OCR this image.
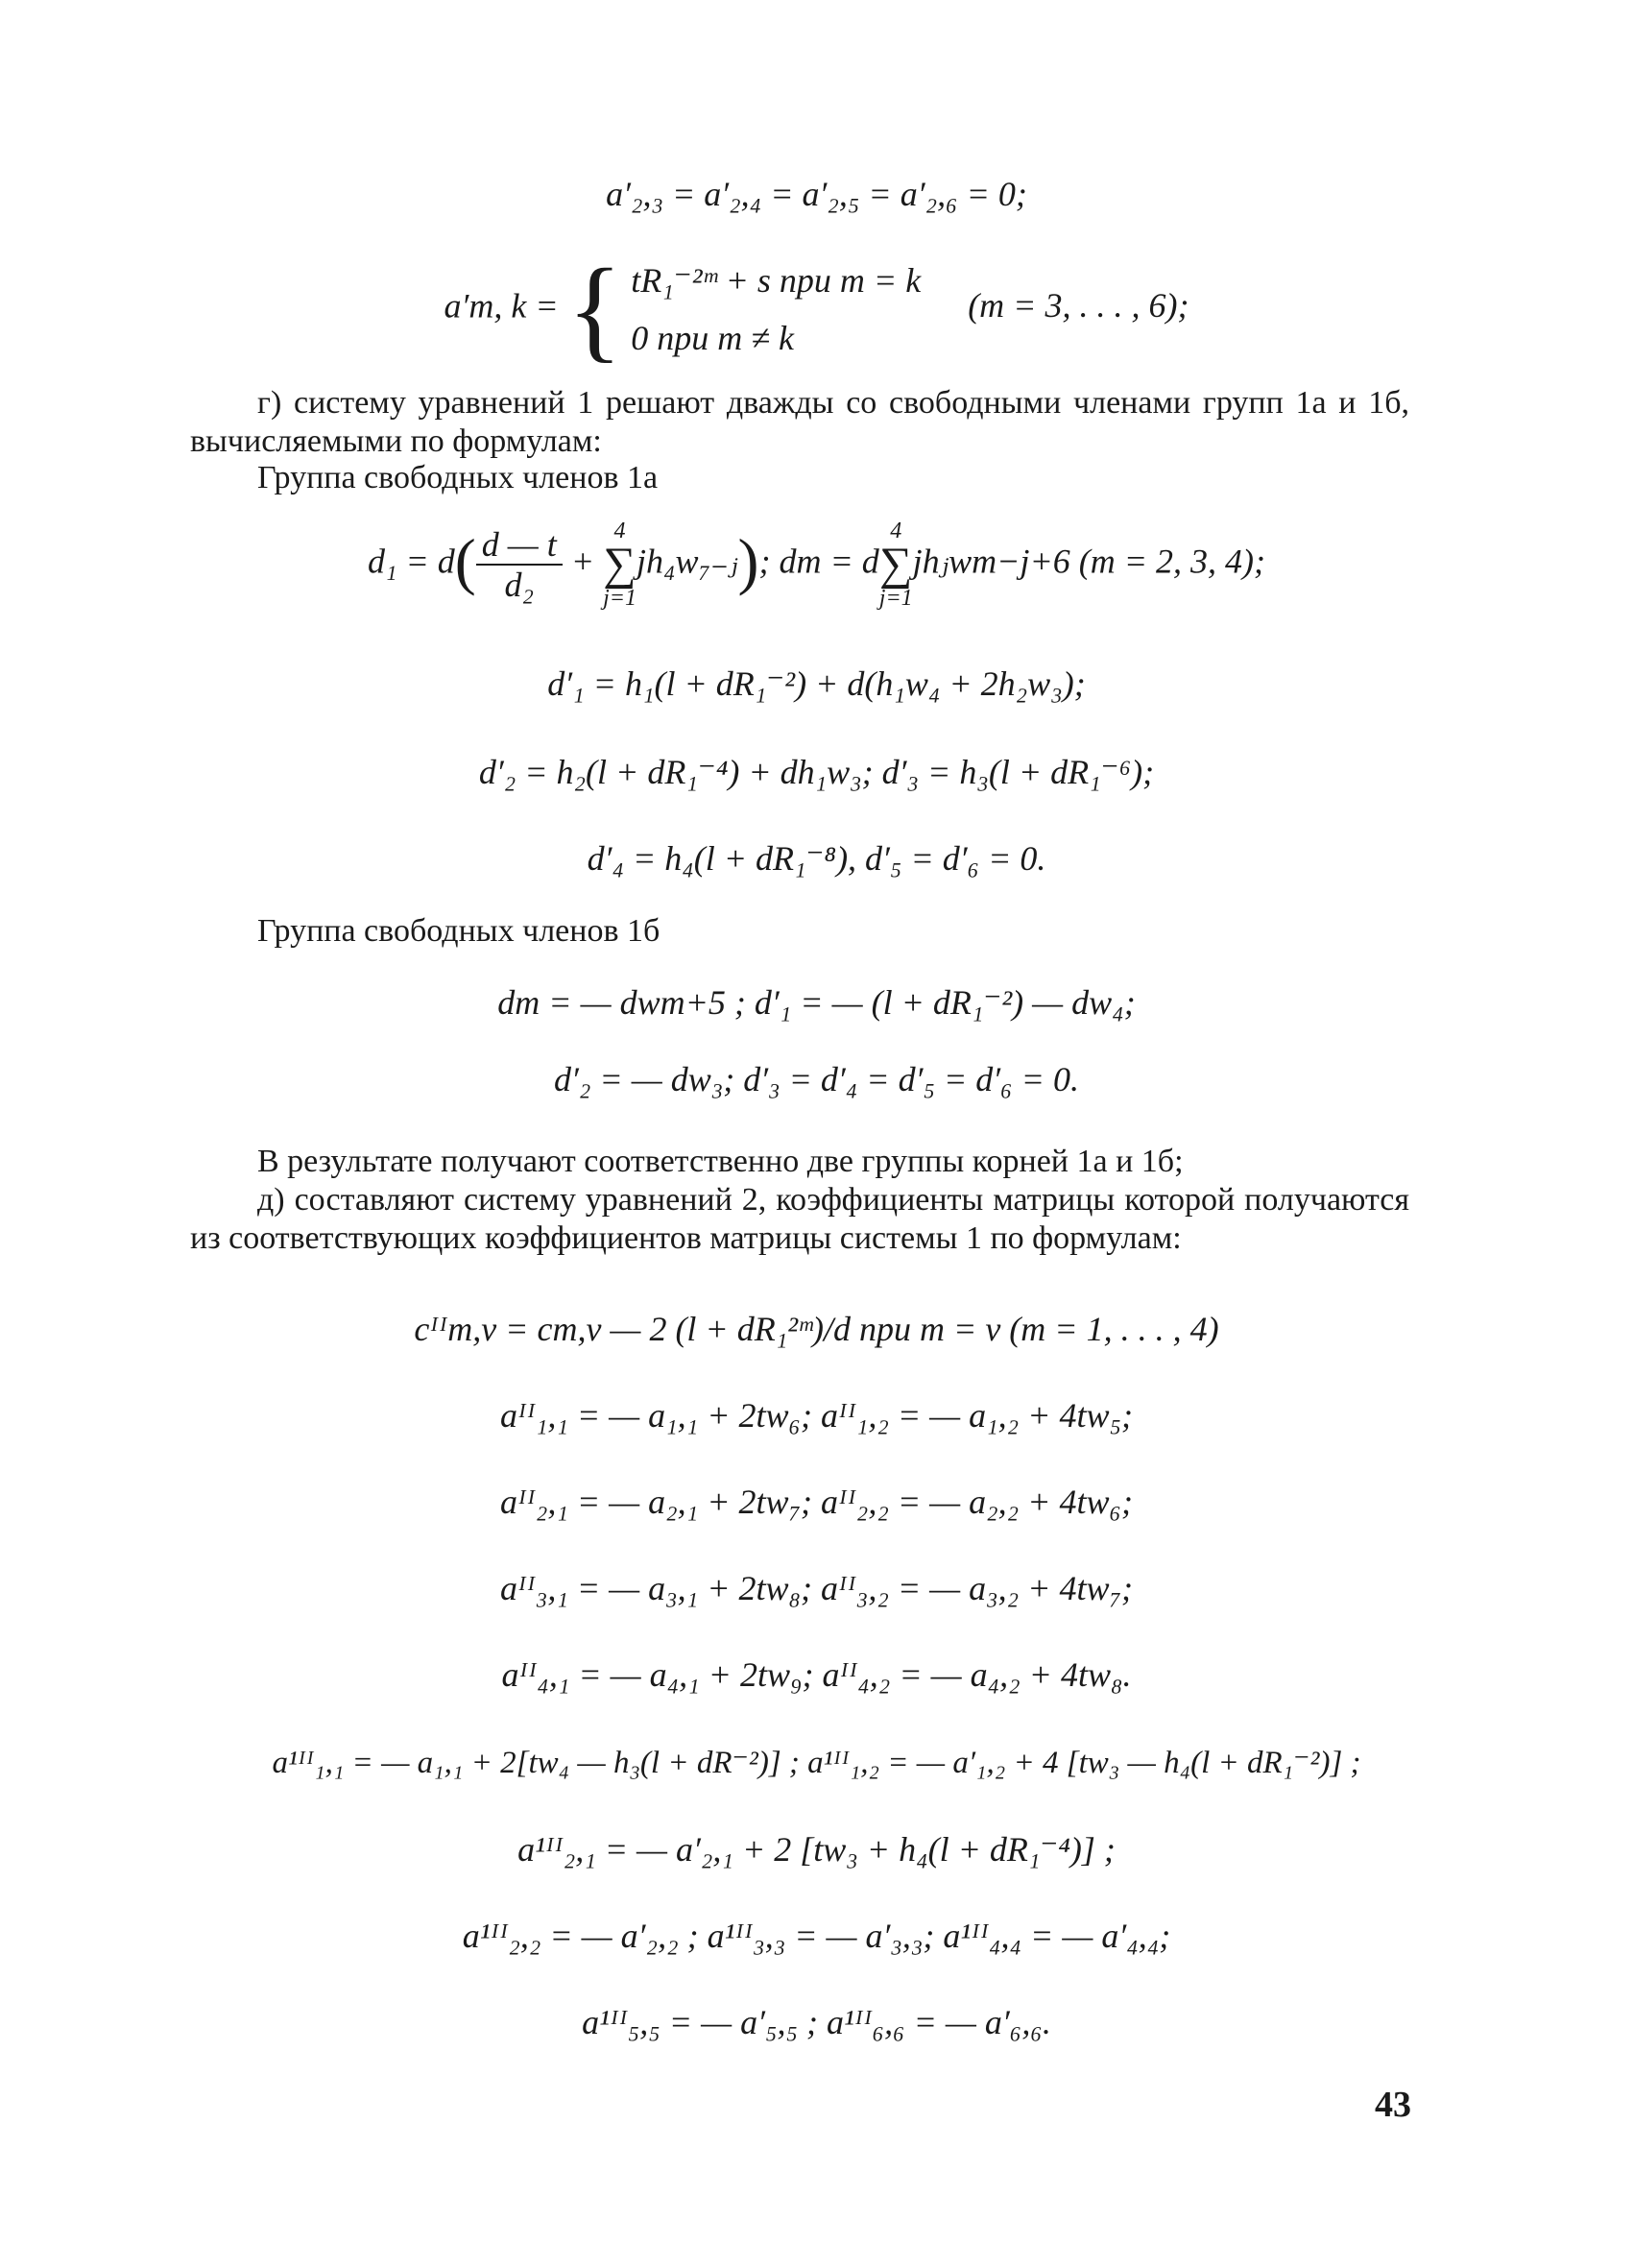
a′₂,₃ = a′₂,₄ = a′₂,₅ = a′₂,₆ = 0;
a′m, k = { tR₁⁻²ᵐ + s при m = k
0 при m ≠ k
(m = 3, . . . , 6);
г) систему уравнений 1 решают дважды со свободными членами групп 1а и 1б, вычисляемыми по формулам:
Группа свободных членов 1а
$d_1 = d( \frac{d — t}{\text{d₂}}$ +
4
∑
j=1
jh₄w₇₋ⱼ); dm = d
4
∑
j=1
jhⱼwm−j+6 (m = 2, 3, 4);
d′₁ = h₁(l + dR₁⁻²) + d(h₁w₄ + 2h₂w₃);
d′₂ = h₂(l + dR₁⁻⁴) + dh₁w₃; d′₃ = h₃(l + dR₁⁻⁶);
d′₄ = h₄(l + dR₁⁻⁸), d′₅ = d′₆ = 0.
Группа свободных членов 1б
dm = — dwm+5 ; d′₁ = — (l + dR₁⁻²) — dw₄;
d′₂ = — dw₃; d′₃ = d′₄ = d′₅ = d′₆ = 0.
В результате получают соответственно две группы корней 1а и 1б;
д) составляют систему уравнений 2, коэффициенты матрицы которой получаются из соответствующих коэффициентов матрицы системы 1 по формулам:
cᴵᴵm,ν = cm,ν — 2 (l + dR₁²ᵐ)/d при m = ν (m = 1, . . . , 4)
aᴵᴵ₁,₁ = — a₁,₁ + 2tw₆; aᴵᴵ₁,₂ = — a₁,₂ + 4tw₅;
aᴵᴵ₂,₁ = — a₂,₁ + 2tw₇; aᴵᴵ₂,₂ = — a₂,₂ + 4tw₆;
aᴵᴵ₃,₁ = — a₃,₁ + 2tw₈; aᴵᴵ₃,₂ = — a₃,₂ + 4tw₇;
aᴵᴵ₄,₁ = — a₄,₁ + 2tw₉; aᴵᴵ₄,₂ = — a₄,₂ + 4tw₈.
a¹ᴵᴵ₁,₁ = — a₁,₁ + 2[tw₄ — h₃(l + dR⁻²)] ; a¹ᴵᴵ₁,₂ = — a′₁,₂ + 4 [tw₃ — h₄(l + dR₁⁻²)] ;
a¹ᴵᴵ₂,₁ = — a′₂,₁ + 2 [tw₃ + h₄(l + dR₁⁻⁴)] ;
a¹ᴵᴵ₂,₂ = — a′₂,₂ ; a¹ᴵᴵ₃,₃ = — a′₃,₃; a¹ᴵᴵ₄,₄ = — a′₄,₄;
a¹ᴵᴵ₅,₅ = — a′₅,₅ ; a¹ᴵᴵ₆,₆ = — a′₆,₆.
43
